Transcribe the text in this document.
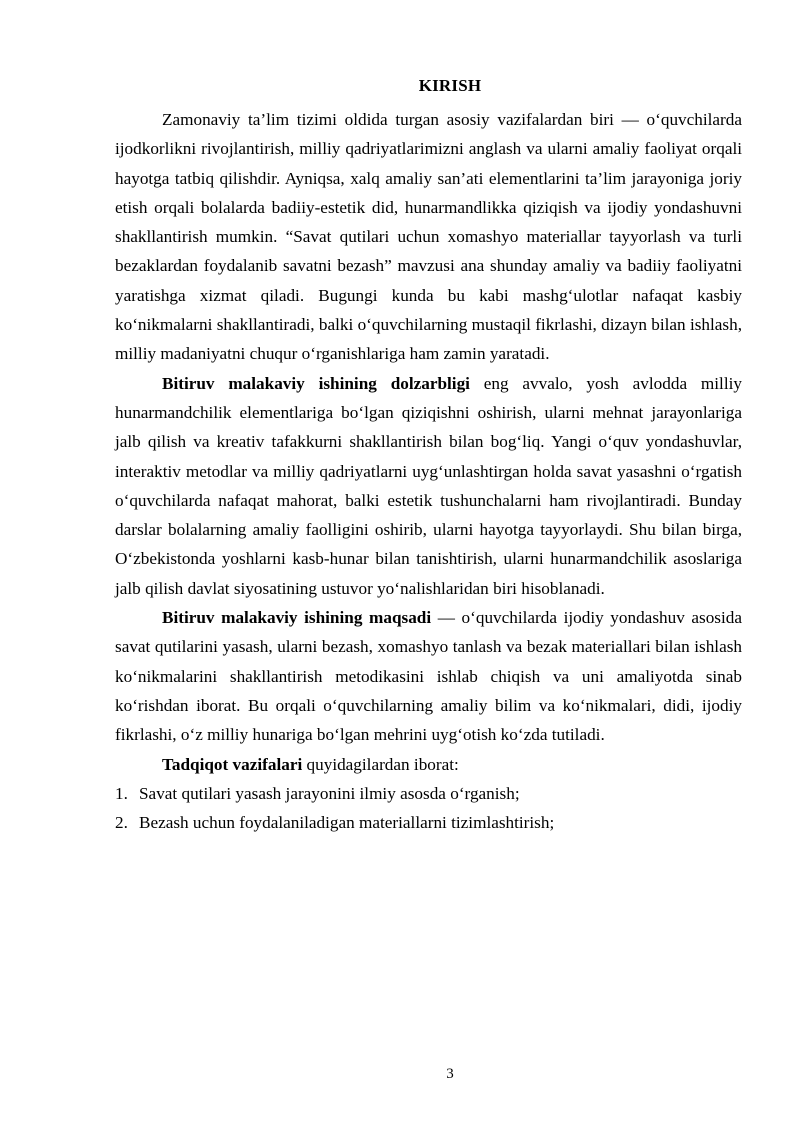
KIRISH

Zamonaviy ta’lim tizimi oldida turgan asosiy vazifalardan biri — o‘quvchilarda ijodkorlikni rivojlantirish, milliy qadriyatlarimizni anglash va ularni amaliy faoliyat orqali hayotga tatbiq qilishdir. Ayniqsa, xalq amaliy san’ati elementlarini ta’lim jarayoniga joriy etish orqali bolalarda badiiy-estetik did, hunarmandlikka qiziqish va ijodiy yondashuvni shakllantirish mumkin. “Savat qutilari uchun xomashyo materiallar tayyorlash va turli bezaklardan foydalanib savatni bezash” mavzusi ana shunday amaliy va badiiy faoliyatni yaratishga xizmat qiladi. Bugungi kunda bu kabi mashg‘ulotlar nafaqat kasbiy ko‘nikmalarni shakllantiradi, balki o‘quvchilarning mustaqil fikrlashi, dizayn bilan ishlash, milliy madaniyatni chuqur o‘rganishlariga ham zamin yaratadi.

Bitiruv malakaviy ishining dolzarbligi eng avvalo, yosh avlodda milliy hunarmandchilik elementlariga bo‘lgan qiziqishni oshirish, ularni mehnat jarayonlariga jalb qilish va kreativ tafakkurni shakllantirish bilan bog‘liq. Yangi o‘quv yondashuvlar, interaktiv metodlar va milliy qadriyatlarni uyg‘unlashtirgan holda savat yasashni o‘rgatish o‘quvchilarda nafaqat mahorat, balki estetik tushunchalarni ham rivojlantiradi. Bunday darslar bolalarning amaliy faolligini oshirib, ularni hayotga tayyorlaydi. Shu bilan birga, O‘zbekistonda yoshlarni kasb-hunar bilan tanishtirish, ularni hunarmandchilik asoslariga jalb qilish davlat siyosatining ustuvor yo‘nalishlaridan biri hisoblanadi.

Bitiruv malakaviy ishining maqsadi — o‘quvchilarda ijodiy yondashuv asosida savat qutilarini yasash, ularni bezash, xomashyo tanlash va bezak materiallari bilan ishlash ko‘nikmalarini shakllantirish metodikasini ishlab chiqish va uni amaliyotda sinab ko‘rishdan iborat. Bu orqali o‘quvchilarning amaliy bilim va ko‘nikmalari, didi, ijodiy fikrlashi, o‘z milliy hunariga bo‘lgan mehrini uyg‘otish ko‘zda tutiladi.

Tadqiqot vazifalari quyidagilardan iborat:

1. Savat qutilari yasash jarayonini ilmiy asosda o‘rganish;
2. Bezash uchun foydalaniladigan materiallarni tizimlashtirish;
3
